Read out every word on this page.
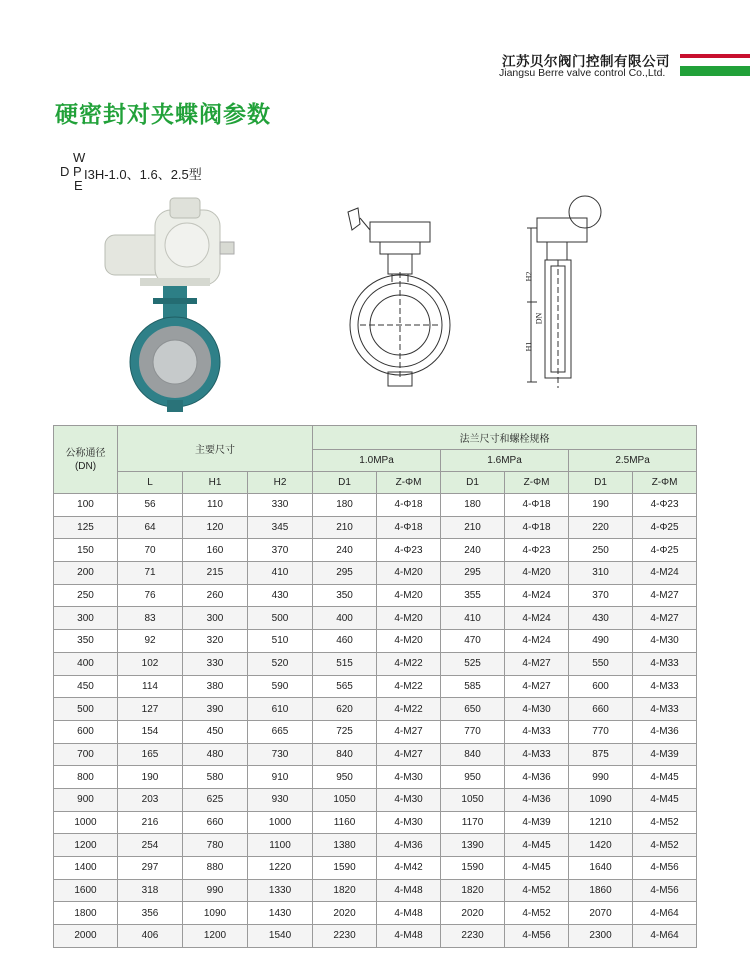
江苏贝尔阀门控制有限公司
Jiangsu Berre valve control Co.,Ltd.
硬密封对夹蝶阀参数
W
D P
E
I3H-1.0、1.6、2.5型
H2
H1
DN
公称通径
(DN)	主要尺寸			法兰尺寸和螺栓规格					
				1.0MPa		1.6MPa		2.5MPa	
	L	H1	H2	D1	Z-ΦM	D1	Z-ΦM	D1	Z-ΦM
100	56	110	330	180	4-Φ18	180	4-Φ18	190	4-Φ23
125	64	120	345	210	4-Φ18	210	4-Φ18	220	4-Φ25
150	70	160	370	240	4-Φ23	240	4-Φ23	250	4-Φ25
200	71	215	410	295	4-M20	295	4-M20	310	4-M24
250	76	260	430	350	4-M20	355	4-M24	370	4-M27
300	83	300	500	400	4-M20	410	4-M24	430	4-M27
350	92	320	510	460	4-M20	470	4-M24	490	4-M30
400	102	330	520	515	4-M22	525	4-M27	550	4-M33
450	114	380	590	565	4-M22	585	4-M27	600	4-M33
500	127	390	610	620	4-M22	650	4-M30	660	4-M33
600	154	450	665	725	4-M27	770	4-M33	770	4-M36
700	165	480	730	840	4-M27	840	4-M33	875	4-M39
800	190	580	910	950	4-M30	950	4-M36	990	4-M45
900	203	625	930	1050	4-M30	1050	4-M36	1090	4-M45
1000	216	660	1000	1160	4-M30	1170	4-M39	1210	4-M52
1200	254	780	1100	1380	4-M36	1390	4-M45	1420	4-M52
1400	297	880	1220	1590	4-M42	1590	4-M45	1640	4-M56
1600	318	990	1330	1820	4-M48	1820	4-M52	1860	4-M56
1800	356	1090	1430	2020	4-M48	2020	4-M52	2070	4-M64
2000	406	1200	1540	2230	4-M48	2230	4-M56	2300	4-M64
